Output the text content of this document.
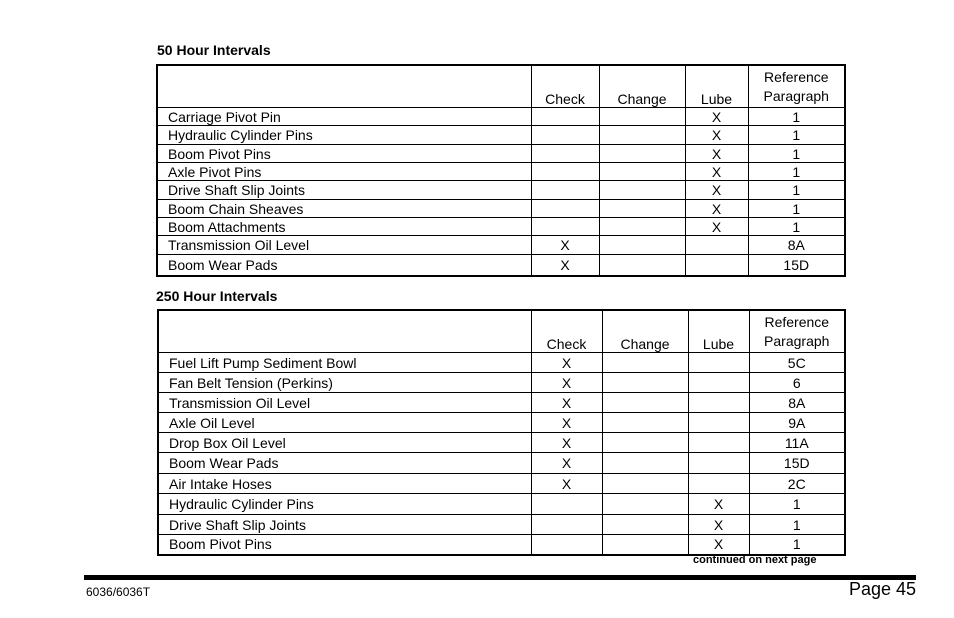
50 Hour Intervals
	Check	Change	Lube	Reference
Paragraph
Carriage Pivot Pin			X	1
Hydraulic Cylinder Pins			X	1
Boom Pivot Pins			X	1
Axle Pivot Pins			X	1
Drive Shaft Slip Joints			X	1
Boom Chain Sheaves			X	1
Boom Attachments			X	1
Transmission Oil Level	X			8A
Boom Wear Pads	X			15D
250 Hour Intervals
	Check	Change	Lube	Reference
Paragraph
Fuel Lift Pump Sediment Bowl	X			5C
Fan Belt Tension (Perkins)	X			6
Transmission Oil Level	X			8A
Axle Oil Level	X			9A
Drop Box Oil Level	X			11A
Boom Wear Pads	X			15D
Air Intake Hoses	X			2C
Hydraulic Cylinder Pins			X	1
Drive Shaft Slip Joints			X	1
Boom Pivot Pins			X	1
continued on next page
6036/6036T	Page 45
